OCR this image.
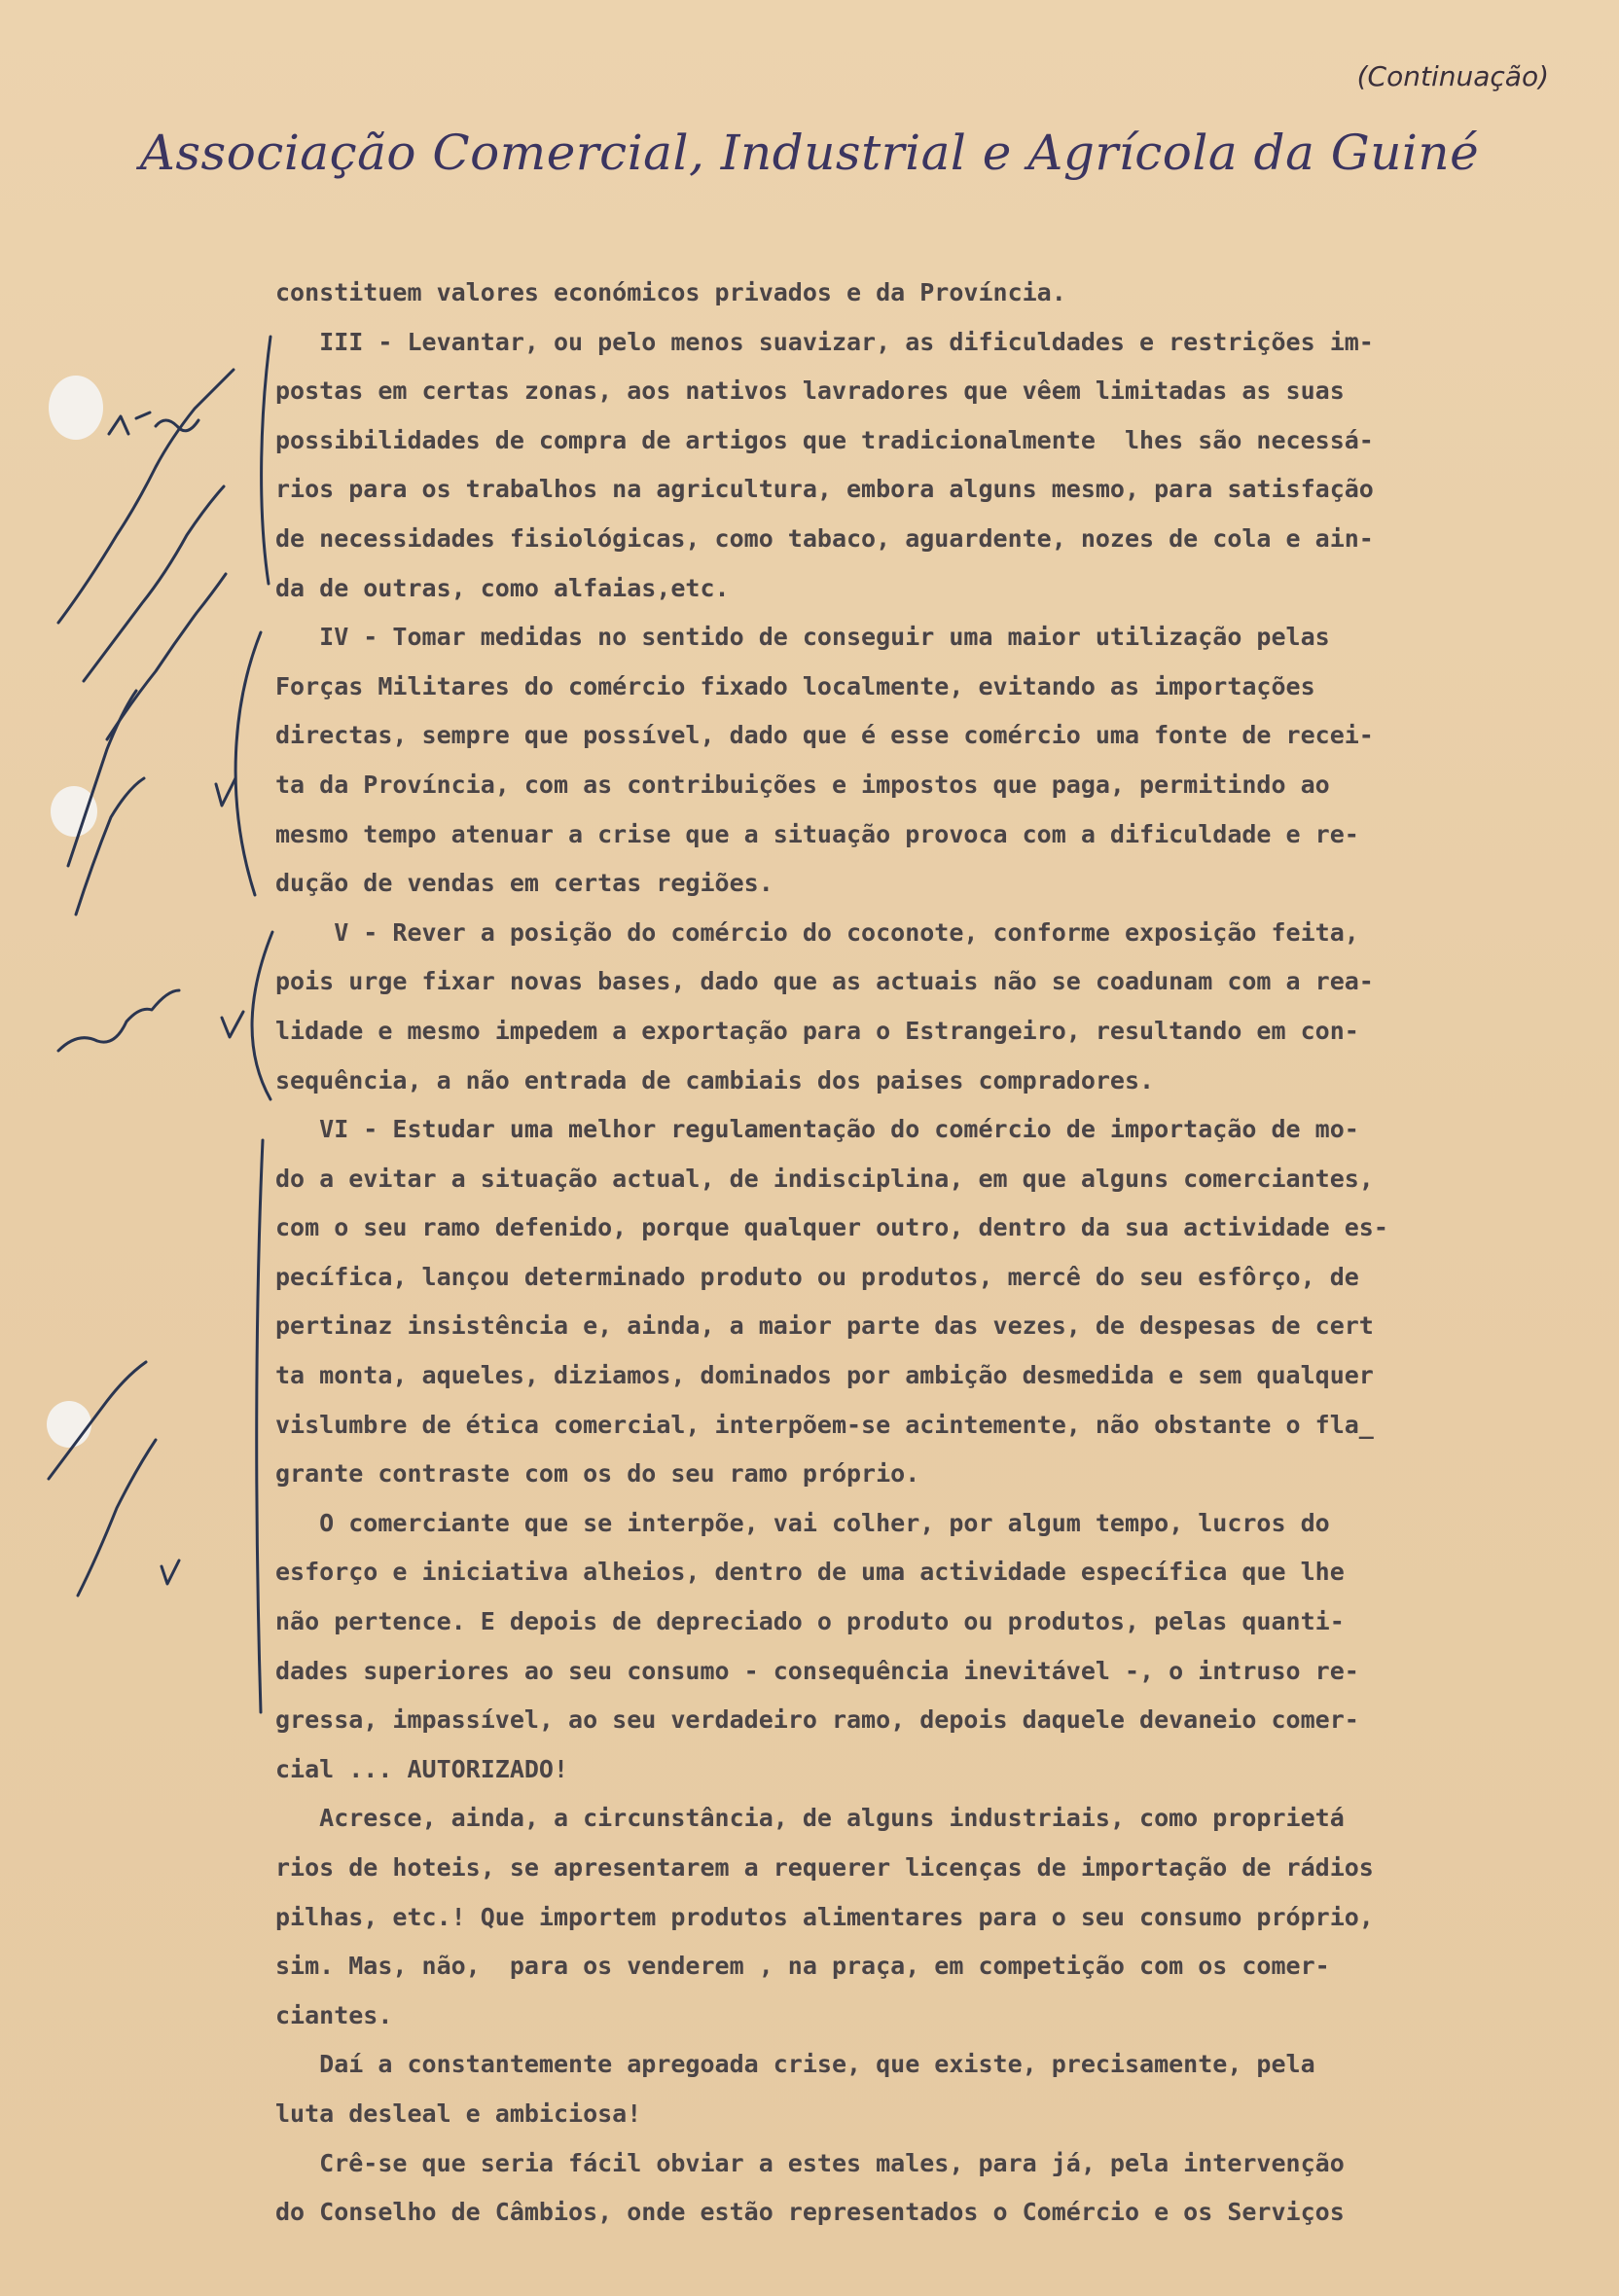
(Continuação)
Associação Comercial, Industrial e Agrícola da Guiné
constituem valores económicos privados e da Província.
III - Levantar, ou pelo menos suavizar, as dificuldades e restrições im-
postas em certas zonas, aos nativos lavradores que vêem limitadas as suas
possibilidades de compra de artigos que tradicionalmente  lhes são necessá-
rios para os trabalhos na agricultura, embora alguns mesmo, para satisfação
de necessidades fisiológicas, como tabaco, aguardente, nozes de cola e ain-
da de outras, como alfaias,etc.
IV - Tomar medidas no sentido de conseguir uma maior utilização pelas
Forças Militares do comércio fixado localmente, evitando as importações
directas, sempre que possível, dado que é esse comércio uma fonte de recei-
ta da Província, com as contribuições e impostos que paga, permitindo ao
mesmo tempo atenuar a crise que a situação provoca com a dificuldade e re-
dução de vendas em certas regiões.
V - Rever a posição do comércio do coconote, conforme exposição feita,
pois urge fixar novas bases, dado que as actuais não se coadunam com a rea-
lidade e mesmo impedem a exportação para o Estrangeiro, resultando em con-
sequência, a não entrada de cambiais dos paises compradores.
VI - Estudar uma melhor regulamentação do comércio de importação de mo-
do a evitar a situação actual, de indisciplina, em que alguns comerciantes,
com o seu ramo defenido, porque qualquer outro, dentro da sua actividade es-
pecífica, lançou determinado produto ou produtos, mercê do seu esfôrço, de
pertinaz insistência e, ainda, a maior parte das vezes, de despesas de cert
ta monta, aqueles, diziamos, dominados por ambição desmedida e sem qualquer
vislumbre de ética comercial, interpõem-se acintemente, não obstante o fla_
grante contraste com os do seu ramo próprio.
O comerciante que se interpõe, vai colher, por algum tempo, lucros do
esforço e iniciativa alheios, dentro de uma actividade específica que lhe
não pertence. E depois de depreciado o produto ou produtos, pelas quanti-
dades superiores ao seu consumo - consequência inevitável -, o intruso re-
gressa, impassível, ao seu verdadeiro ramo, depois daquele devaneio comer-
cial ... AUTORIZADO!
Acresce, ainda, a circunstância, de alguns industriais, como proprietá
rios de hoteis, se apresentarem a requerer licenças de importação de rádios
pilhas, etc.! Que importem produtos alimentares para o seu consumo próprio,
sim. Mas, não,  para os venderem , na praça, em competição com os comer-
ciantes.
Daí a constantemente apregoada crise, que existe, precisamente, pela
luta desleal e ambiciosa!
Crê-se que seria fácil obviar a estes males, para já, pela intervenção
do Conselho de Câmbios, onde estão representados o Comércio e os Serviços
